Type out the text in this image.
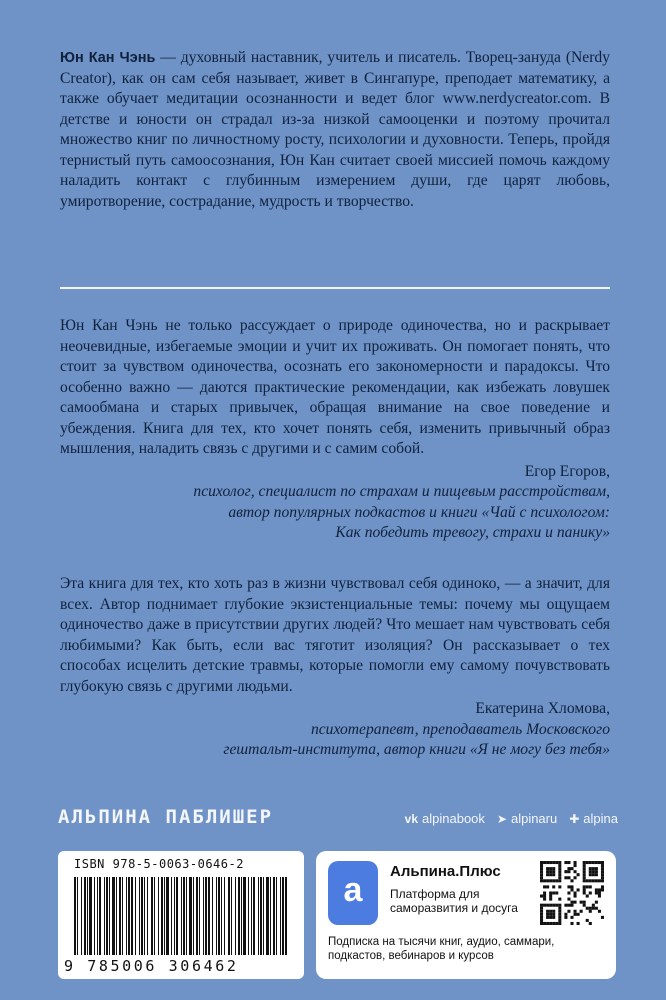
Юн Кан Чэнь — духовный наставник, учитель и писатель. Творец-зануда (Nerdy Creator), как он сам себя называет, живет в Сингапуре, преподает математику, а также обучает медитации осознанности и ведет блог www.nerdycreator.com. В детстве и юности он страдал из-за низкой самооценки и поэтому прочитал множество книг по личностному росту, психологии и духовности. Теперь, пройдя тернистый путь самоосознания, Юн Кан считает своей миссией помочь каждому наладить контакт с глубинным измерением души, где царят любовь, умиротворение, сострадание, мудрость и творчество.

Юн Кан Чэнь не только рассуждает о природе одиночества, но и раскрывает неочевидные, избегаемые эмоции и учит их проживать. Он помогает понять, что стоит за чувством одиночества, осознать его закономерности и парадоксы. Что особенно важно — даются практические рекомендации, как избежать ловушек самообмана и старых привычек, обращая внимание на свое поведение и убеждения. Книга для тех, кто хочет понять себя, изменить привычный образ мышления, наладить связь с другими и с самим собой.

Егор Егоров,
психолог, специалист по страхам и пищевым расстройствам,
автор популярных подкастов и книги «Чай с психологом:
Как победить тревогу, страхи и панику»

Эта книга для тех, кто хоть раз в жизни чувствовал себя одиноко, — а значит, для всех. Автор поднимает глубокие экзистенциальные темы: почему мы ощущаем одиночество даже в присутствии других людей? Что мешает нам чувствовать себя любимыми? Как быть, если вас тяготит изоляция? Он рассказывает о тех способах исцелить детские травмы, которые помогли ему самому почувствовать глубокую связь с другими людьми.

Екатерина Хломова,
психотерапевт, преподаватель Московского
гештальт-института, автор книги «Я не могу без тебя»
АЛЬПИНА ПАБЛИШЕР	vk alpinabook ➤ alpinaru ✚ alpina
ISBN 978-5-0063-0646-2
9 785006 306462
a	Альпина.Плюс
Платформа для саморазвития и досуга
Подписка на тысячи книг, аудио, саммари, подкастов, вебинаров и курсов
